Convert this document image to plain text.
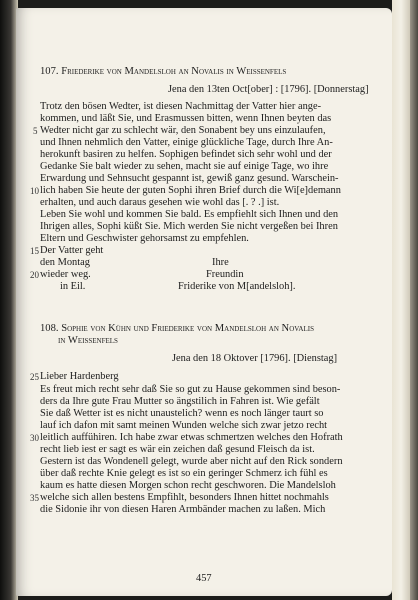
107. Friederike von Mandelsloh an Novalis in Weissenfels
Jena den 13ten Oct[ober] : [1796]. [Donnerstag]
Trotz den bösen Wedter, ist diesen Nachmittag der Vatter hier ange-
kommen, und läßt Sie, und Erasmussen bitten, wenn Ihnen beyten das
Wedter nicht gar zu schlecht wär, den Sonabent bey uns einzulaufen,
und Ihnen nehmlich den Vatter, einige glückliche Tage, durch Ihre An-
herokunft basiren zu helfen. Sophigen befindet sich sehr wohl und der
Gedanke Sie balt wieder zu sehen, macht sie auf einige Tage, wo ihre
Erwardung und Sehnsucht gespannt ist, gewiß ganz gesund. Warschein-
lich haben Sie heute der guten Sophi ihren Brief durch die Wi[e]demann
erhalten, und auch daraus gesehen wie wohl das [. ? .] ist.
Leben Sie wohl und kommen Sie bald. Es empfiehlt sich Ihnen und den
Ihrigen alles, Sophi küßt Sie. Mich werden Sie nicht vergeßen bei Ihren
Eltern und Geschwister gehorsamst zu empfehlen.
Der Vatter geht
den Montag
wieder weg.
in Eil.
Ihre
Freundin
Friderike von M[andelsloh].
108. Sophie von Kühn und Friederike von Mandelsloh an Novalis
in Weissenfels
Jena den 18 Oktover [1796]. [Dienstag]
Lieber Hardenberg
Es freut mich recht sehr daß Sie so gut zu Hause gekommen sind beson-
ders da Ihre gute Frau Mutter so ängstilich in Fahren ist. Wie gefält
Sie daß Wetter ist es nicht unaustelich? wenn es noch länger taurt so
lauf ich dafon mit samt meinen Wunden welche sich zwar jetzo recht
leitlich auffühiren. Ich habe zwar etwas schmertzen welches den Hofrath
recht lieb iest er sagt es wär ein zeichen daß gesund Fleisch da ist.
Gestern ist das Wondenell gelegt, wurde aber nicht auf den Rick sondern
über daß rechte Knie gelegt es ist so ein geringer Schmerz ich fühl es
kaum es hatte diesen Morgen schon recht geschworen. Die Mandelsloh
welche sich allen bestens Empfihlt, besonders Ihnen hittet nochmahls
die Sidonie ihr von diesen Haren Armbänder machen zu laßen. Mich
5
10
15
20
25
30
35
457
